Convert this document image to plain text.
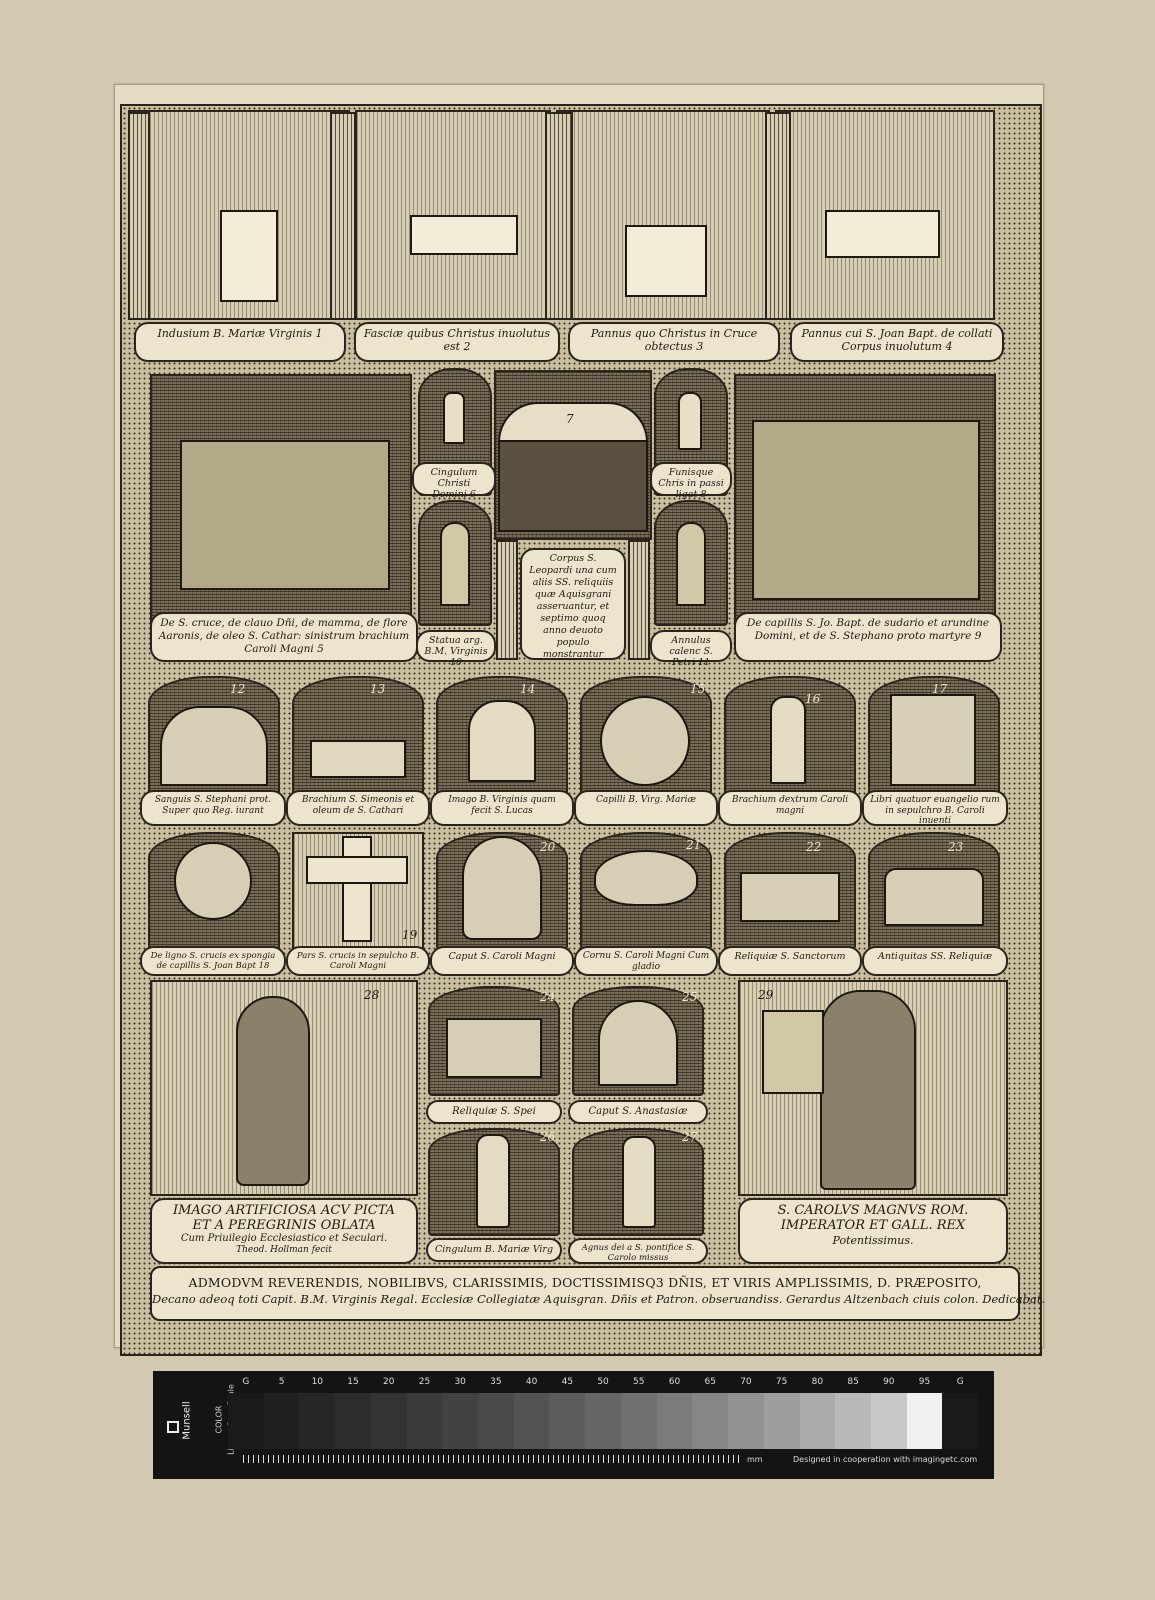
Indusium B. Mariæ Virginis 1	Fasciæ quibus Christus inuolutus est 2
Pannus quo Christus in Cruce obtectus 3
Pannus cui S. Joan Bapt. de collati Corpus inuolutum 4
De S. cruce, de clauo Dñi, de mamma, de flore Aaronis, de oleo S. Cathar: sinistrum brachium Caroli Magni 5
Cingulum Christi Domini 6
7
Funisque Chris in passi ligat 8
Statua arg. B.M. Virginis 10
Corpus S. Leopardi una cum aliis SS. reliquiis quæ Aquisgrani asseruantur, et septimo quoq anno deuoto populo monstrantur
Annulus calenc S. Petri 11
De capillis S. Jo. Bapt. de sudario et arundine Domini, et de S. Stephano proto martyre 9
12	13	14	15
16
17
Sanguis S. Stephani prot. Super quo Reg. iurant
Brachium S. Simeonis et oleum de S. Cathari
Imago B. Virginis quam fecit S. Lucas
Capilli B. Virg. Mariæ	Brachium dextrum Caroli magni
Libri quatuor euangelio rum in sepulchro B. Caroli inuenti
19
20	21	22	23
De ligno S. crucis ex spongia de capillis S. Joan Bapt 18
Pars S. crucis in sepulcho B. Caroli Magni
Caput S. Caroli Magni	Cornu S. Caroli Magni Cum gladio
Reliquiæ S. Sanctorum	Antiquitas SS. Reliquiæ
28
IMAGO ARTIFICIOSA ACV PICTA
ET A PEREGRINIS OBLATA
Cum Priuilegio Ecclesiastico et Seculari.
Theod. Hollman fecit
24
Reliquiæ S. Spei
25
Caput S. Anastasiæ
26
Cingulum B. Mariæ Virg
27
Agnus dei a S. pontifice S. Carolo missus
29
S. CAROLVS MAGNVS ROM.
IMPERATOR ET GALL. REX
Potentissimus.
ADMODVM REVERENDIS, NOBILIBVS, CLARISSIMIS, DOCTISSIMISQ3 DÑIS, ET VIRIS AMPLISSIMIS, D. PRÆPOSITO,
Decano adeoq toti Capit. B.M. Virginis Regal. Ecclesiæ Collegiatæ Aquisgran. Dñis et Patron. obseruandiss. Gerardus Altzenbach ciuis colon. Dedicabat.
Munsell	COLOR
G	5	10	15	20	25	30	35	40	45	50	55	60	65	70	75	80	85	90	95	G
mm	Designed in cooperation with imagingetc.com
